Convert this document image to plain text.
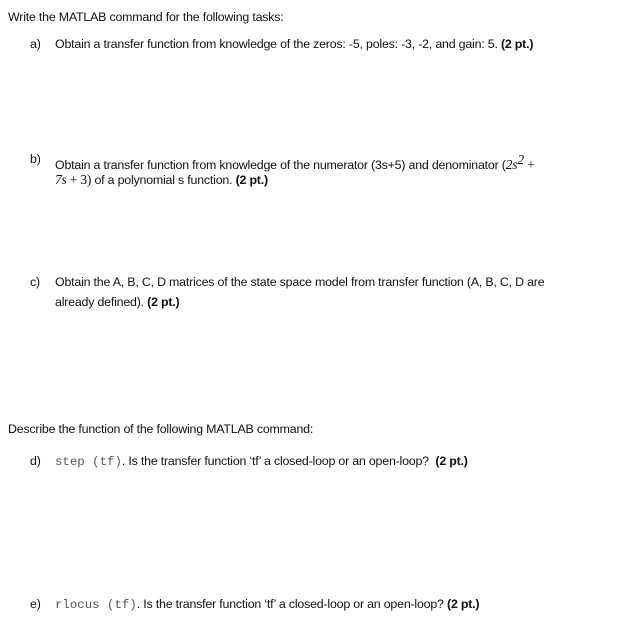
Write the MATLAB command for the following tasks:
a) Obtain a transfer function from knowledge of the zeros: -5, poles: -3, -2, and gain: 5. (2 pt.)
b) Obtain a transfer function from knowledge of the numerator (3s+5) and denominator ($2s^2$ +
7s + 3) of a polynomial s function. (2 pt.)
c) Obtain the A, B, C, D matrices of the state space model from transfer function (A, B, C, D are
already defined). (2 pt.)
Describe the function of the following MATLAB command:
d) step (tf). Is the transfer function ‘tf’ a closed-loop or an open-loop? (2 pt.)
e) rlocus (tf). Is the transfer function ‘tf’ a closed-loop or an open-loop? (2 pt.)
